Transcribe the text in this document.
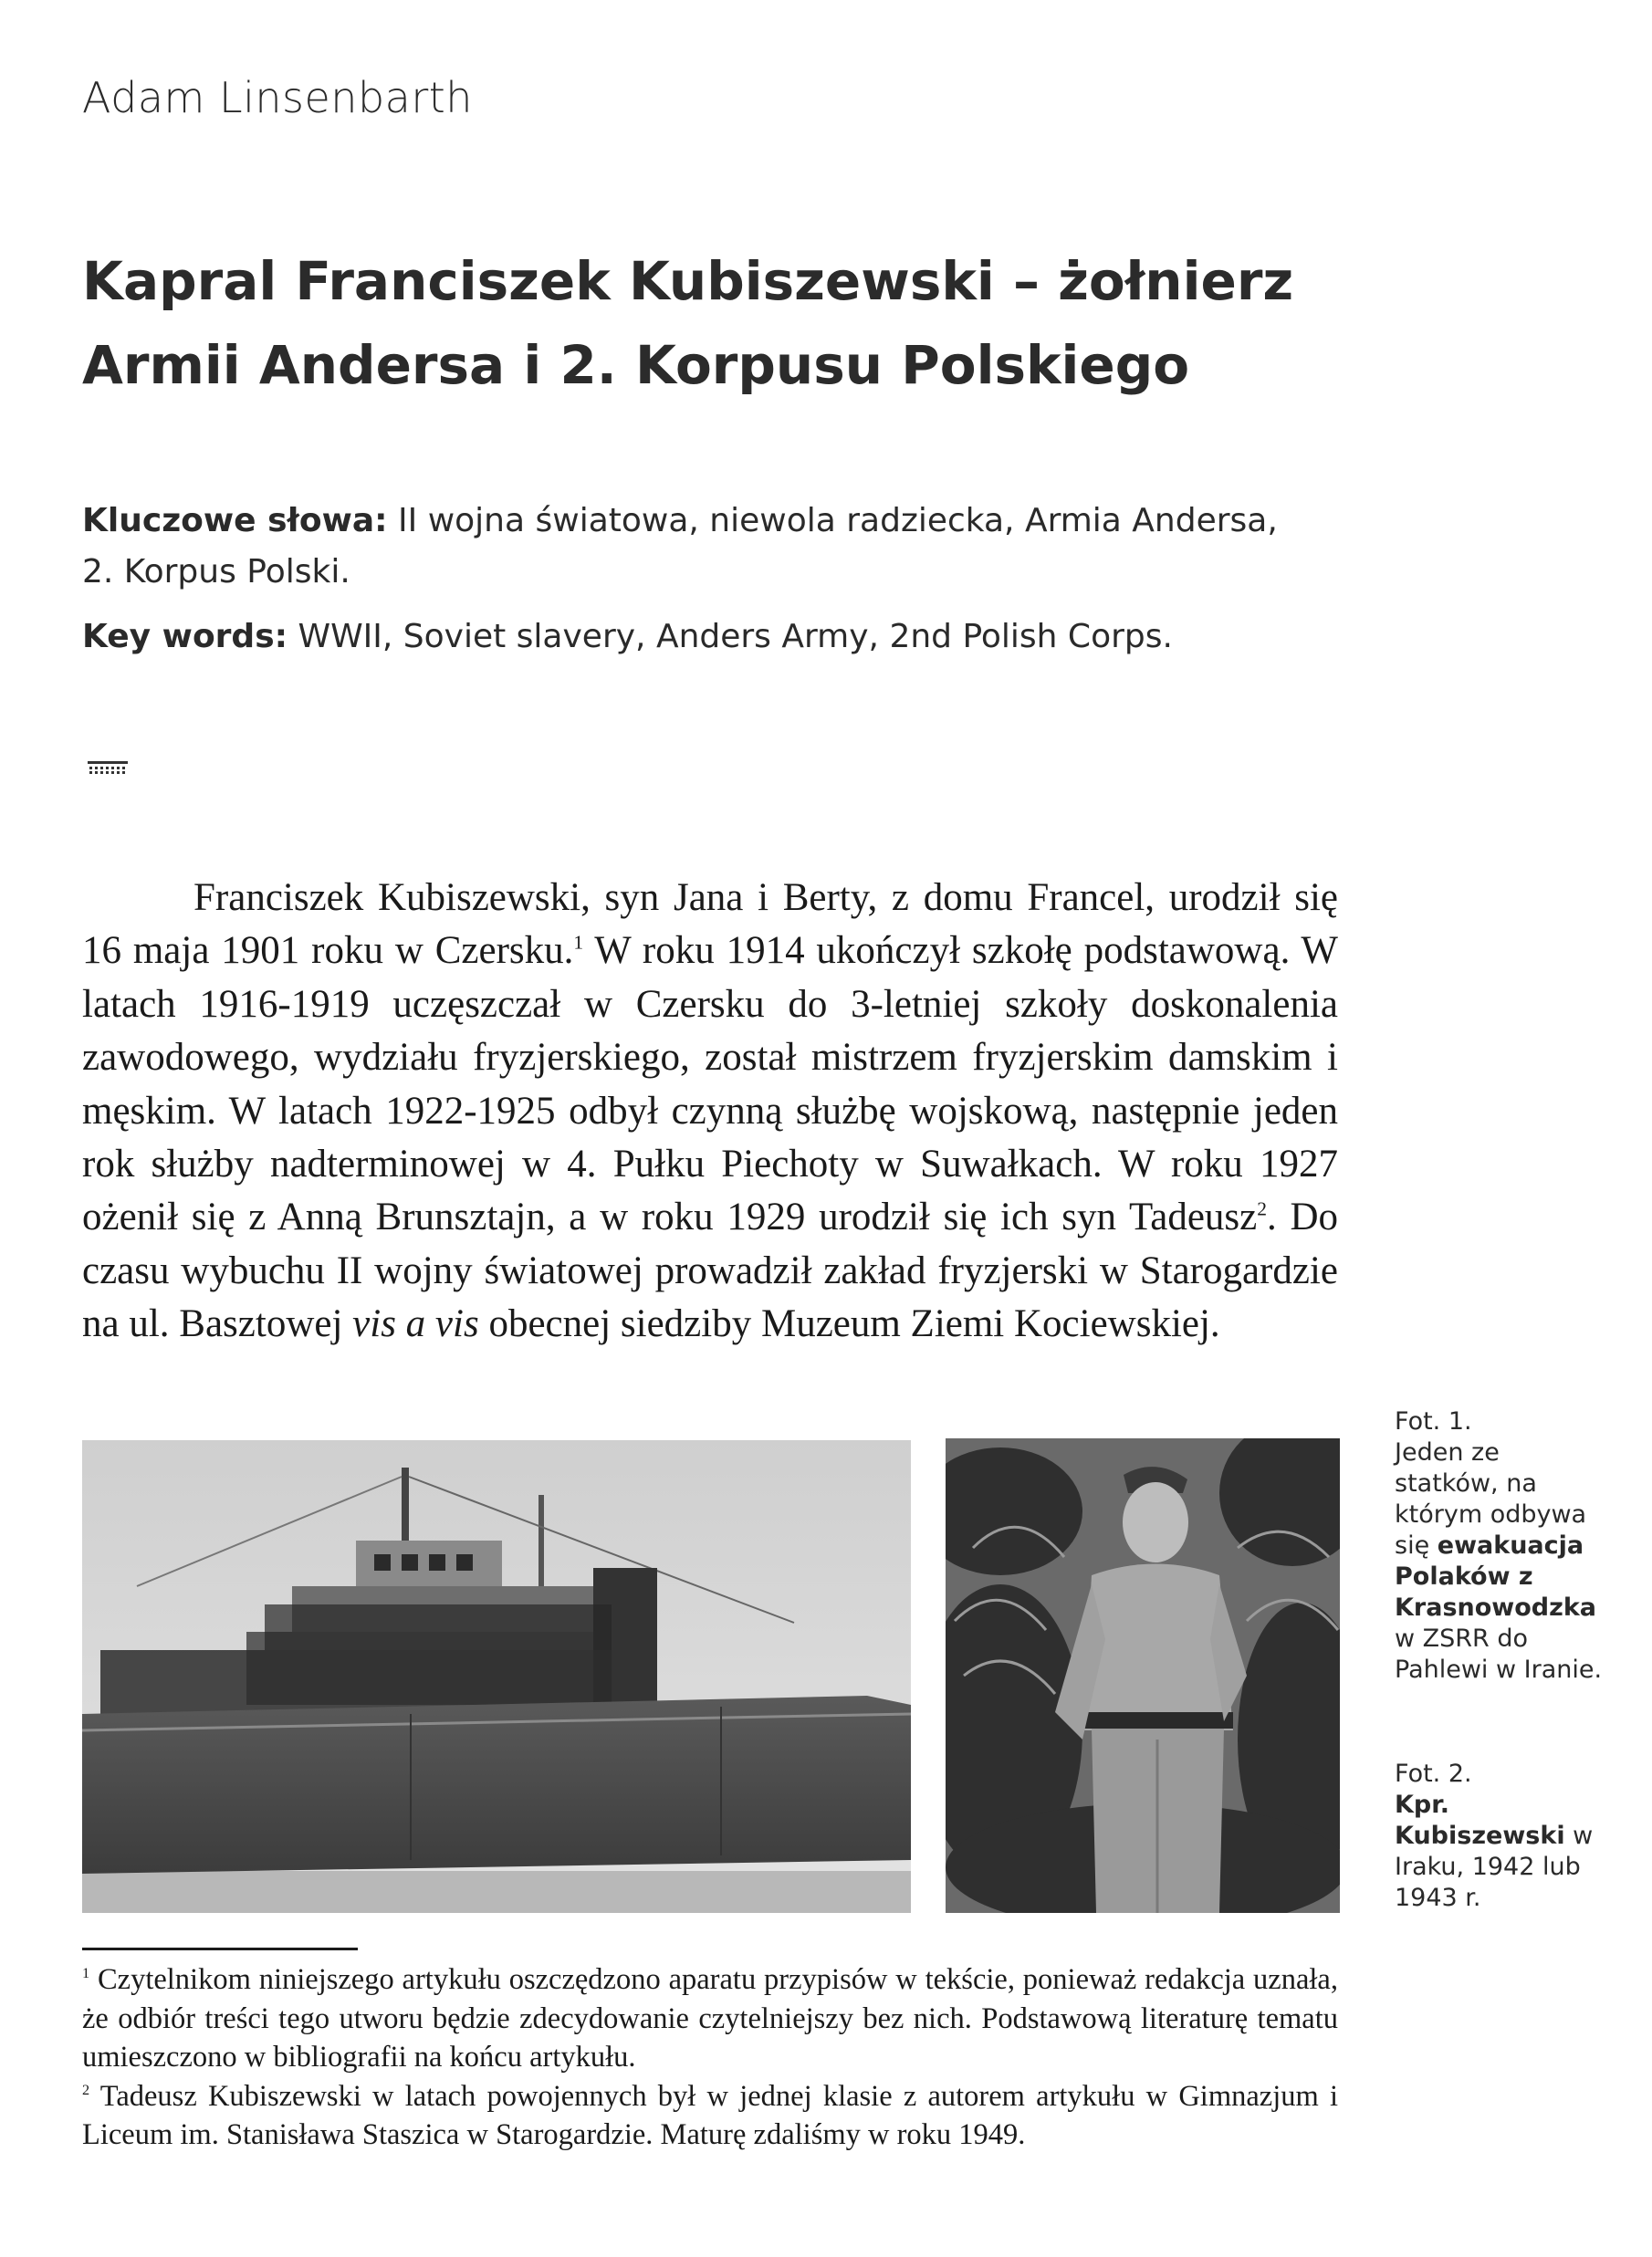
Adam Linsenbarth
Kapral Franciszek Kubiszewski – żołnierz
Armii Andersa i 2. Korpusu Polskiego
Kluczowe słowa: II wojna światowa, niewola radziecka, Armia Andersa,
2. Korpus Polski.
Key words: WWII, Soviet slavery, Anders Army, 2nd Polish Corps.

Franciszek Kubiszewski, syn Jana i Berty, z domu Francel, urodził się 16 maja 1901 roku w Czersku.$^1$ W roku 1914 ukończył szkołę podstawową. W latach 1916-1919 uczęszczał w Czersku do 3-letniej szkoły doskonalenia zawodowego, wydziału fryzjerskiego, został mistrzem fryzjerskim damskim i męskim. W latach 1922-1925 odbył czynną służbę wojskową, następnie jeden rok służby nadterminowej w 4. Pułku Piechoty w Suwałkach. W roku 1927 ożenił się z Anną Brunsztajn, a w roku 1929 urodził się ich syn Tadeusz$^2$. Do czasu wybuchu II wojny światowej prowadził zakład fryzjerski w Starogardzie na ul. Basztowej vis a vis obecnej siedziby Muzeum Ziemi Kociewskiej.

Fot. 1.
Jeden ze statków, na którym odbywa się ewakuacja Polaków z Krasnowodzka w ZSRR do Pahlewi w Iranie.
Fot. 2.
Kpr. Kubiszewski w Iraku, 1942 lub 1943 r.

$^1$ Czytelnikom niniejszego artykułu oszczędzono aparatu przypisów w tekście, ponieważ redakcja uznała, że odbiór treści tego utworu będzie zdecydowanie czytelniejszy bez nich. Podstawową literaturę tematu umieszczono w bibliografii na końcu artykułu.

$^2$ Tadeusz Kubiszewski w latach powojennych był w jednej klasie z autorem artykułu w Gimnazjum i Liceum im. Stanisława Staszica w Starogardzie. Maturę zdaliśmy w roku 1949.
